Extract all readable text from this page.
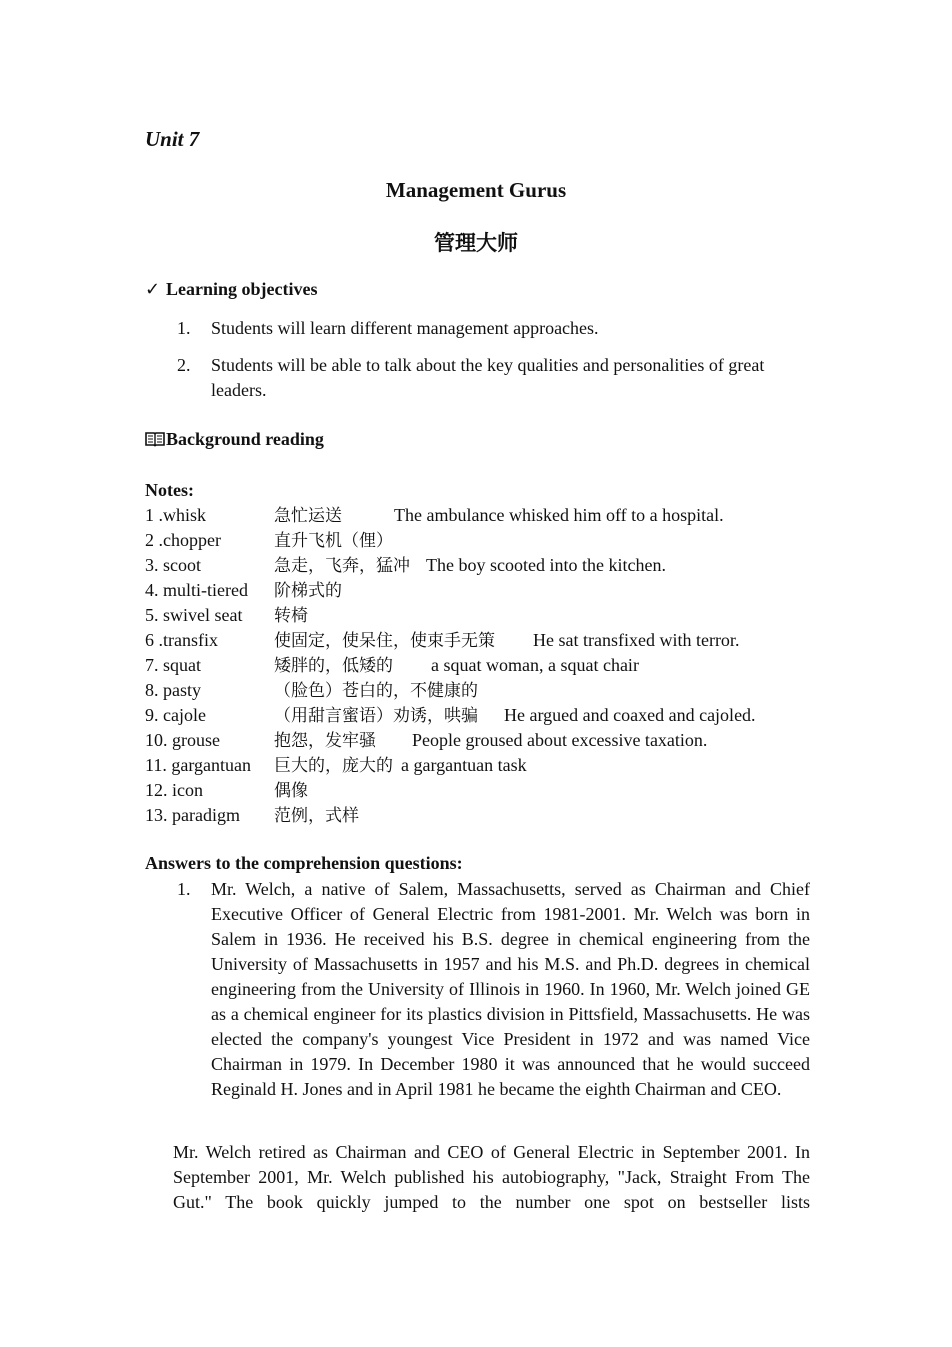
Unit 7
Management Gurus
管理大师
✓ Learning objectives
1.	Students will learn different management approaches.
2.	Students will be able to talk about the key qualities and personalities of great leaders.
Background reading
Notes:
1 .whisk	急忙运送	The ambulance whisked him off to a hospital.
2 .chopper	直升飞机（俚）
3. scoot	急走，飞奔，猛冲 The boy scooted into the kitchen.
4. multi-tiered 阶梯式的
5. swivel seat 转椅
6 .transfix	使固定，使呆住，使束手无策 He sat transfixed with terror.
7. squat	矮胖的，低矮的 a squat woman, a squat chair
8. pasty	（脸色）苍白的，不健康的
9. cajole	（用甜言蜜语）劝诱，哄骗 He argued and coaxed and cajoled.
10. grouse	抱怨，发牢骚 People groused about excessive taxation.
11. gargantuan 巨大的，庞大的 a gargantuan task
12. icon	偶像
13. paradigm 范例，式样
Answers to the comprehension questions:
1.	Mr. Welch, a native of Salem, Massachusetts, served as Chairman and Chief Executive Officer of General Electric from 1981-2001. Mr. Welch was born in Salem in 1936. He received his B.S. degree in chemical engineering from the University of Massachusetts in 1957 and his M.S. and Ph.D. degrees in chemical engineering from the University of Illinois in 1960. In 1960, Mr. Welch joined GE as a chemical engineer for its plastics division in Pittsfield, Massachusetts. He was elected the company's youngest Vice President in 1972 and was named Vice Chairman in 1979. In December 1980 it was announced that he would succeed Reginald H. Jones and in April 1981 he became the eighth Chairman and CEO.
Mr. Welch retired as Chairman and CEO of General Electric in September 2001. In September 2001, Mr. Welch published his autobiography, "Jack, Straight From The Gut." The book quickly jumped to the number one spot on bestseller lists
